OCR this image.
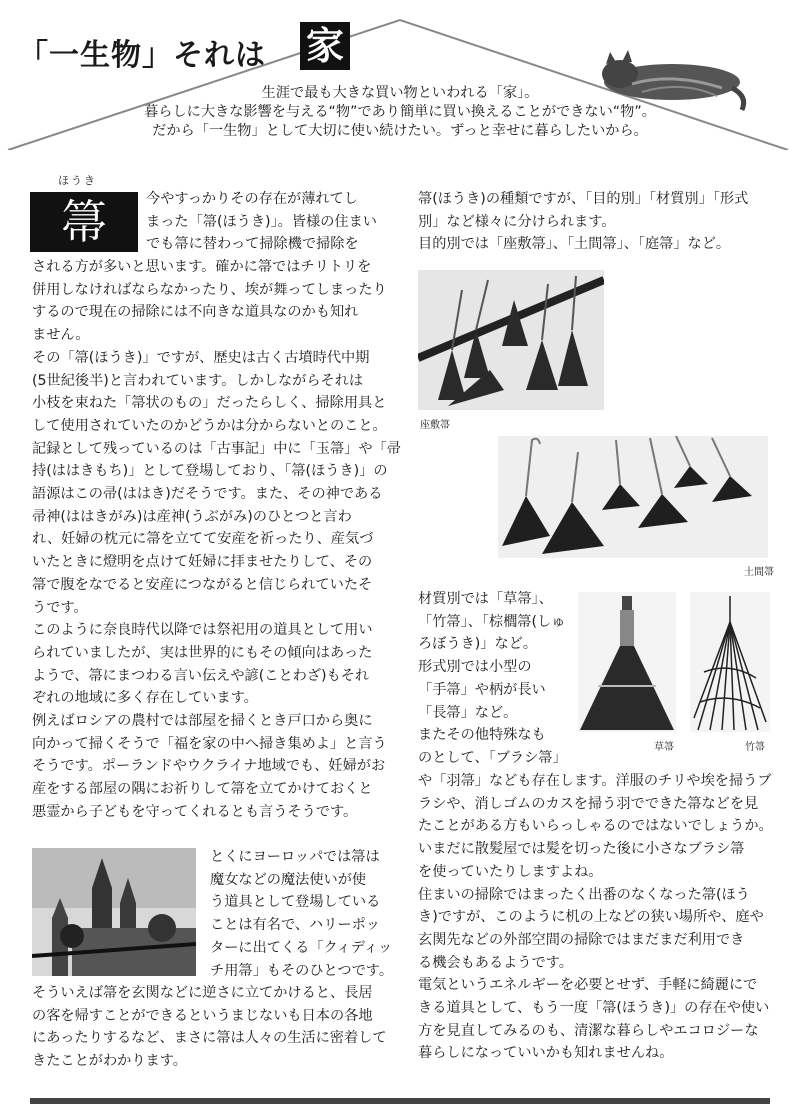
「一生物」それは 家
生涯で最も大きな買い物といわれる「家」。
暮らしに大きな影響を与える“物”であり簡単に買い換えることができない“物”。
だから「一生物」として大切に使い続けたい。ずっと幸せに暮らしたいから。
ほうき
箒	今やすっかりその存在が薄れてし
まった「箒(ほうき)」。皆様の住まい
でも箒に替わって掃除機で掃除を
される方が多いと思います。確かに箒ではチリトリを
併用しなければならなかったり、埃が舞ってしまったり
するので現在の掃除には不向きな道具なのかも知れ
ません。
その「箒(ほうき)」ですが、歴史は古く古墳時代中期
(5世紀後半)と言われています。しかしながらそれは
小枝を束ねた「箒状のもの」だったらしく、掃除用具と
して使用されていたのかどうかは分からないとのこと。
記録として残っているのは「古事記」中に「玉箒」や「帚
持(ははきもち)」として登場しており、「箒(ほうき)」の
語源はこの帚(ははき)だそうです。また、その神である
帚神(ははきがみ)は産神(うぶがみ)のひとつと言わ
れ、妊婦の枕元に箒を立てて安産を祈ったり、産気づ
いたときに燈明を点けて妊婦に拝ませたりして、その
箒で腹をなでると安産につながると信じられていたそ
うです。
このように奈良時代以降では祭祀用の道具として用い
られていましたが、実は世界的にもその傾向はあった
ようで、箒にまつわる言い伝えや諺(ことわざ)もそれ
ぞれの地域に多く存在しています。
例えばロシアの農村では部屋を掃くとき戸口から奥に
向かって掃くそうで「福を家の中へ掃き集めよ」と言う
そうです。ポーランドやウクライナ地域でも、妊婦がお
産をする部屋の隅にお祈りして箒を立てかけておくと
悪霊から子どもを守ってくれるとも言うそうです。
とくにヨーロッパでは箒は
魔女などの魔法使いが使
う道具として登場している
ことは有名で、ハリーポッ
ターに出てくる「クィディッ
チ用箒」もそのひとつです。
そういえば箒を玄関などに逆さに立てかけると、長居
の客を帰すことができるというまじないも日本の各地
にあったりするなど、まさに箒は人々の生活に密着して
きたことがわかります。
箒(ほうき)の種類ですが、「目的別」「材質別」「形式
別」など様々に分けられます。
目的別では「座敷箒」、「土間箒」、「庭箒」など。
座敷箒
土間箒
材質別では「草箒」、
「竹箒」、「棕櫚箒(しゅ
ろぼうき)」など。
形式別では小型の
「手箒」や柄が長い
「長箒」など。
またその他特殊なも
のとして、「ブラシ箒」
草箒	竹箒
や「羽箒」なども存在します。洋服のチリや埃を掃うブ
ラシや、消しゴムのカスを掃う羽でできた箒などを見
たことがある方もいらっしゃるのではないでしょうか。
いまだに散髪屋では髪を切った後に小さなブラシ箒
を使っていたりしますよね。
住まいの掃除ではまったく出番のなくなった箒(ほう
き)ですが、このように机の上などの狭い場所や、庭や
玄関先などの外部空間の掃除ではまだまだ利用でき
る機会もあるようです。
電気というエネルギーを必要とせず、手軽に綺麗にで
きる道具として、もう一度「箒(ほうき)」の存在や使い
方を見直してみるのも、清潔な暮らしやエコロジーな
暮らしになっていいかも知れませんね。
